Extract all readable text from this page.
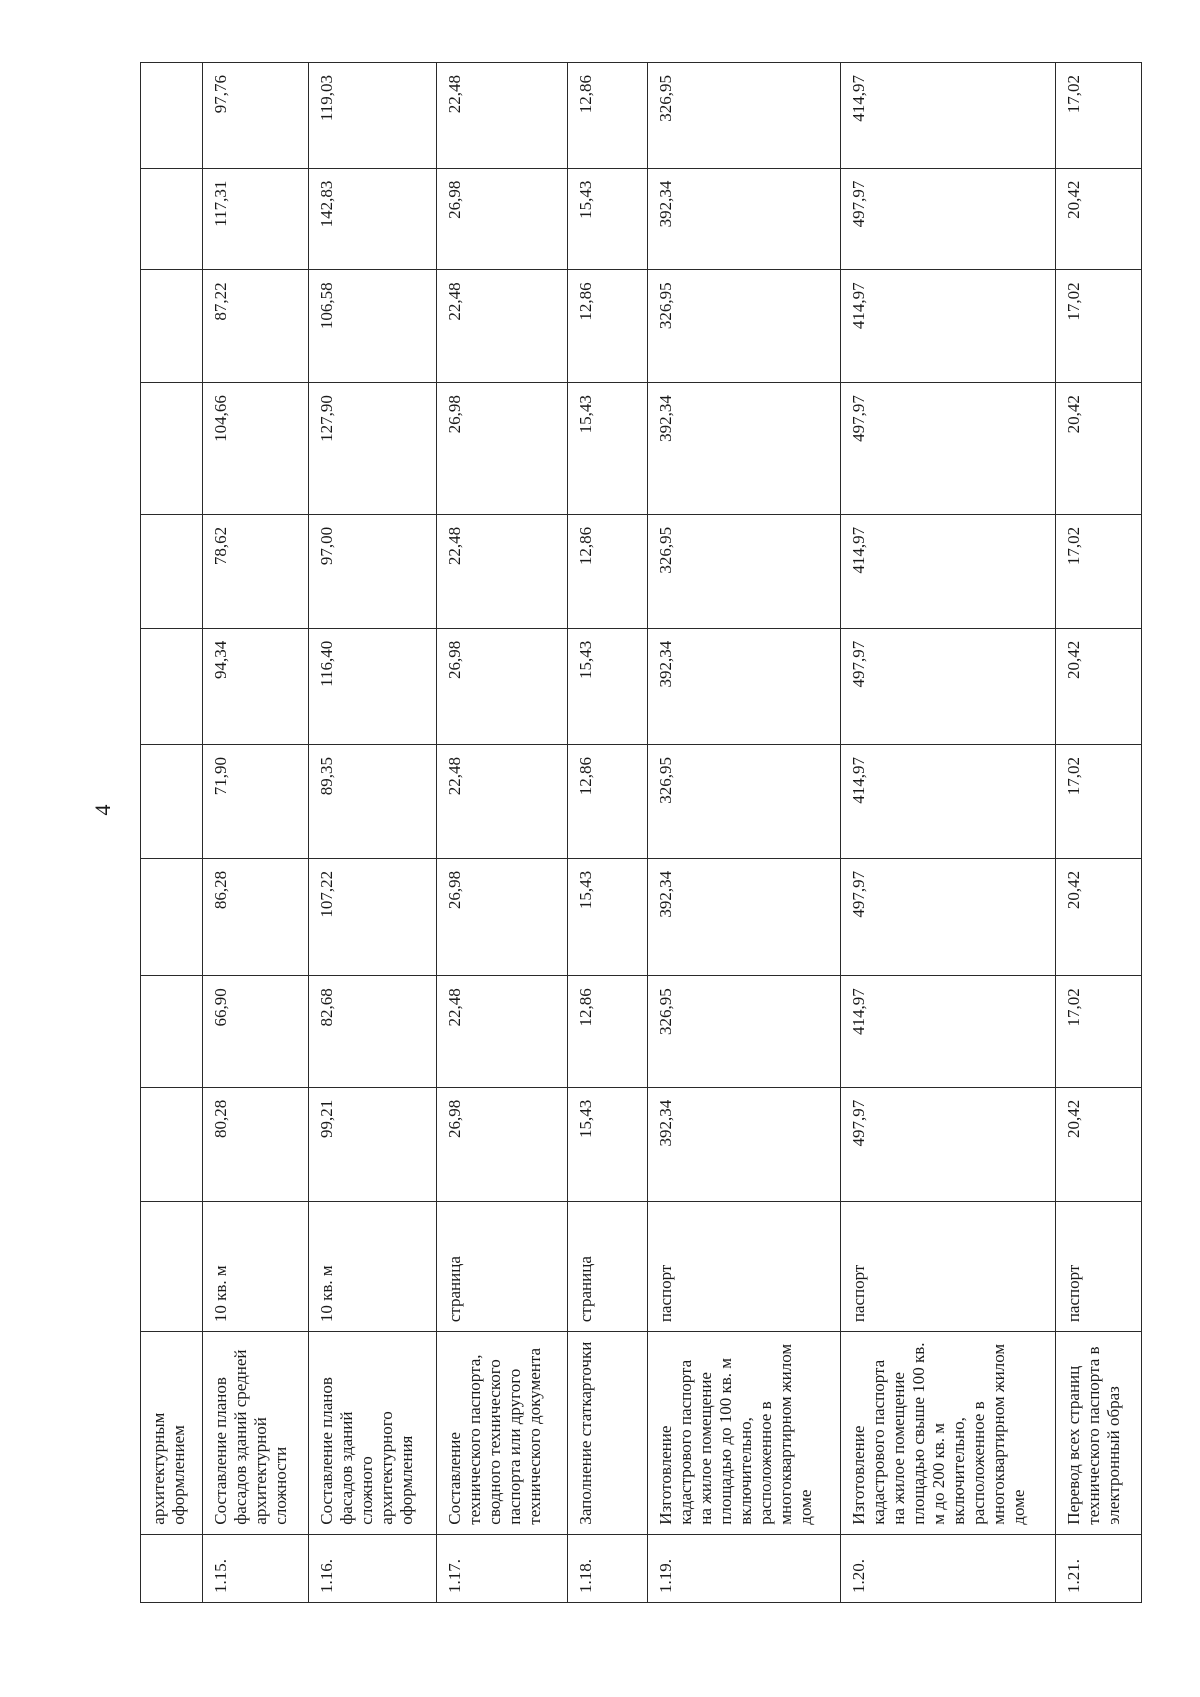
4
	архитектурным оформлением											
1.15.	Составление планов фасадов зданий средней архитектурной сложности	10 кв. м	80,28	66,90	86,28	71,90	94,34	78,62	104,66	87,22	117,31	97,76
1.16.	Составление планов фасадов зданий сложного архитектурного оформления	10 кв. м	99,21	82,68	107,22	89,35	116,40	97,00	127,90	106,58	142,83	119,03
1.17.	Составление технического паспорта, сводного технического паспорта или другого технического документа	страница	26,98	22,48	26,98	22,48	26,98	22,48	26,98	22,48	26,98	22,48
1.18.	Заполнение статкарточки	страница	15,43	12,86	15,43	12,86	15,43	12,86	15,43	12,86	15,43	12,86
1.19.	Изготовление кадастрового паспорта на жилое помещение площадью до 100 кв. м включительно, расположенное в многоквартирном жилом доме	паспорт	392,34	326,95	392,34	326,95	392,34	326,95	392,34	326,95	392,34	326,95
1.20.	Изготовление кадастрового паспорта на жилое помещение площадью свыше 100 кв. м до 200 кв. м включительно, расположенное в многоквартирном жилом доме	паспорт	497,97	414,97	497,97	414,97	497,97	414,97	497,97	414,97	497,97	414,97
1.21.	Перевод всех страниц технического паспорта в электронный образ	паспорт	20,42	17,02	20,42	17,02	20,42	17,02	20,42	17,02	20,42	17,02
